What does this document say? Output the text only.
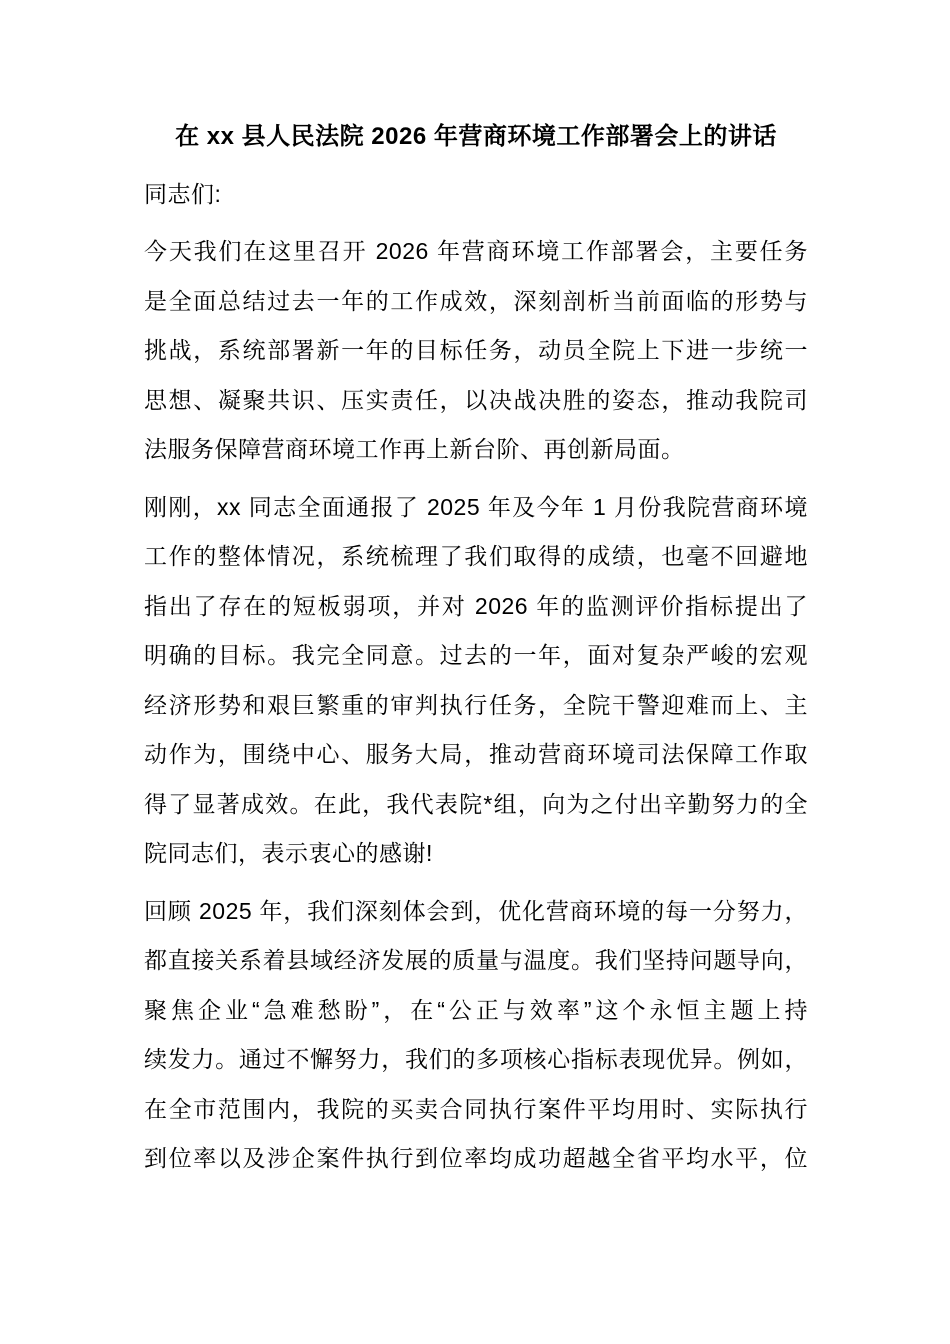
在 xx 县人民法院 2026 年营商环境工作部署会上的讲话
同志们:
今天我们在这里召开 2026 年营商环境工作部署会，主要任务
是全面总结过去一年的工作成效，深刻剖析当前面临的形势与
挑战，系统部署新一年的目标任务，动员全院上下进一步统一
思想、凝聚共识、压实责任，以决战决胜的姿态，推动我院司
法服务保障营商环境工作再上新台阶、再创新局面。
刚刚，xx 同志全面通报了 2025 年及今年 1 月份我院营商环境
工作的整体情况，系统梳理了我们取得的成绩，也毫不回避地
指出了存在的短板弱项，并对 2026 年的监测评价指标提出了
明确的目标。我完全同意。过去的一年，面对复杂严峻的宏观
经济形势和艰巨繁重的审判执行任务，全院干警迎难而上、主
动作为，围绕中心、服务大局，推动营商环境司法保障工作取
得了显著成效。在此，我代表院*组，向为之付出辛勤努力的全
院同志们，表示衷心的感谢!
回顾 2025 年，我们深刻体会到，优化营商环境的每一分努力，
都直接关系着县域经济发展的质量与温度。我们坚持问题导向，
聚焦企业“急难愁盼”，在“公正与效率”这个永恒主题上持
续发力。通过不懈努力，我们的多项核心指标表现优异。例如，
在全市范围内，我院的买卖合同执行案件平均用时、实际执行
到位率以及涉企案件执行到位率均成功超越全省平均水平，位
